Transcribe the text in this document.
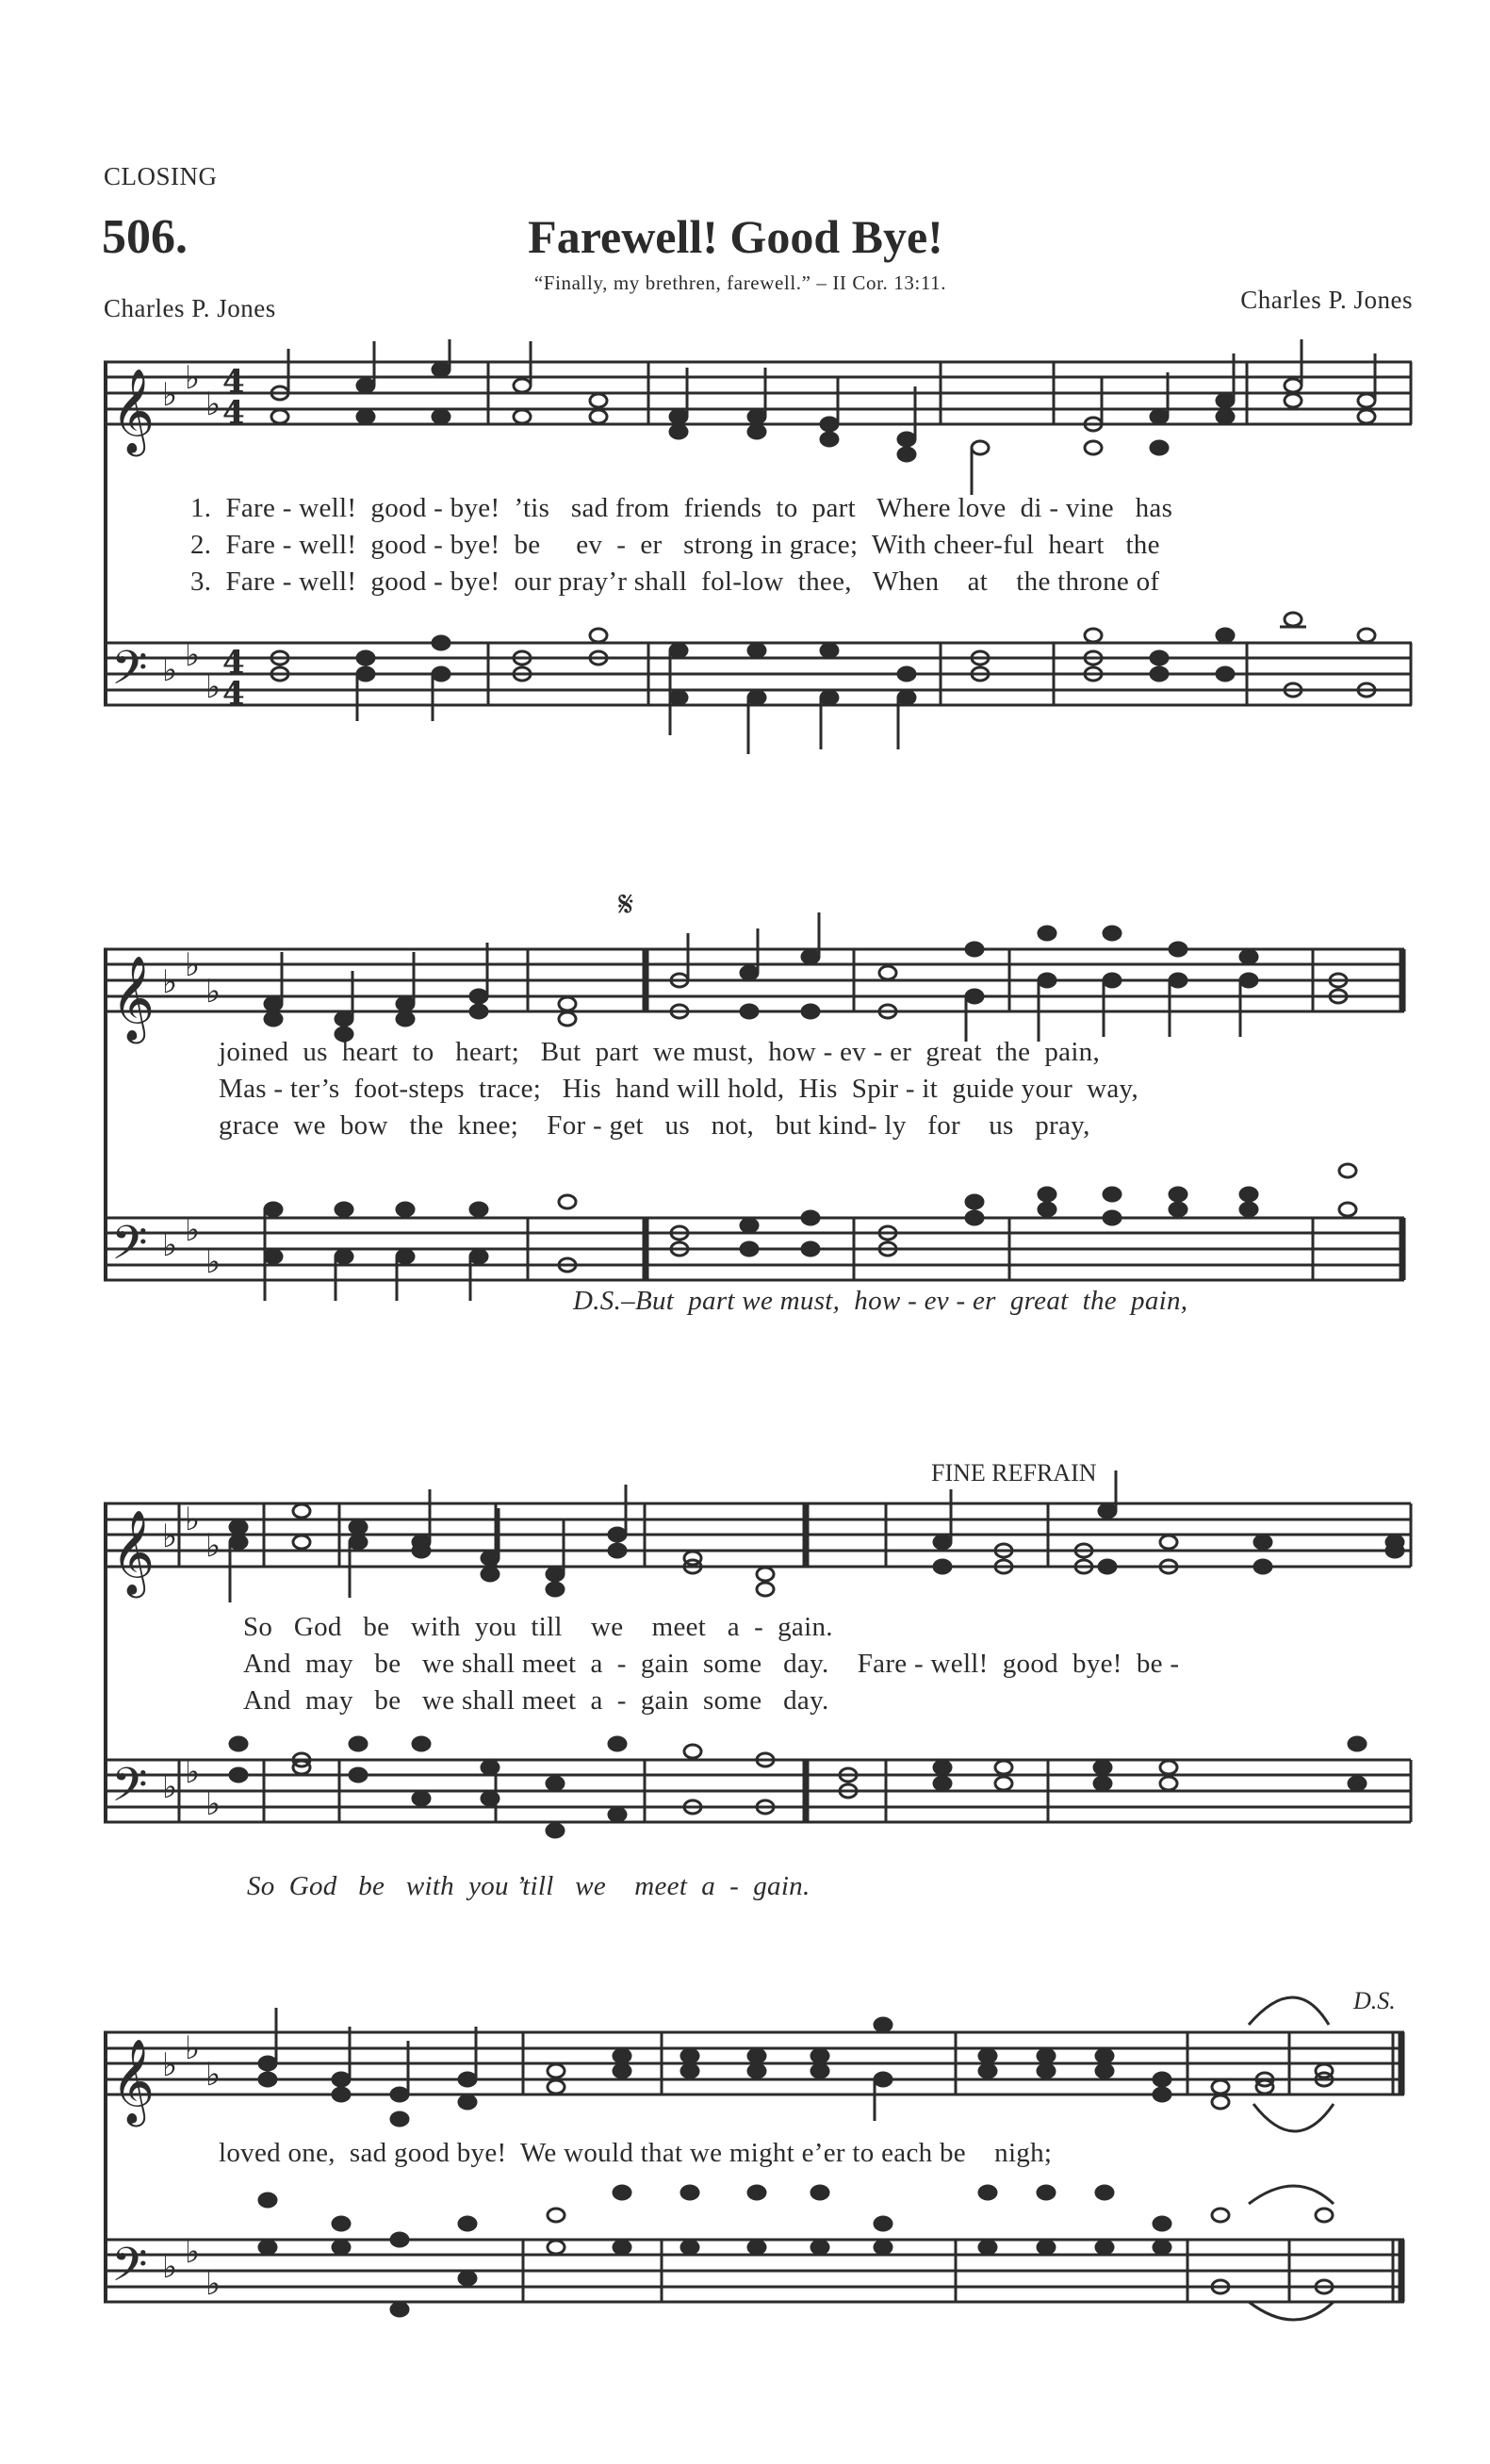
CLOSING
506.	Farewell! Good Bye!
“Finally, my brethren, farewell.” – II Cor. 13:11.
Charles P. Jones	Charles P. Jones
𝄞
𝄢
♭ ♭
♭
♭ ♭
♭
4
4
4
4
1.  Fare - well!  good - bye!  ’tis   sad from  friends  to  part   Where love  di - vine   has
2.  Fare - well!  good - bye!  be     ev  -  er   strong in grace;  With cheer-ful  heart   the
3.  Fare - well!  good - bye!  our pray’r shall  fol-low  thee,   When    at    the throne of
𝄋
𝄞
𝄢
♭ ♭
♭
♭ ♭
♭
joined  us  heart  to   heart;   But  part  we must,  how - ev - er  great  the  pain,
Mas - ter’s  foot-steps  trace;   His  hand will hold,  His  Spir - it  guide your  way,
grace  we  bow   the  knee;    For - get   us   not,   but kind- ly   for    us   pray,
D.S.–But  part we must,  how - ev - er  great  the  pain,
FINE REFRAIN
𝄞
𝄢
♭ ♭
♭
♭ ♭
♭
So   God   be   with  you  till    we    meet   a  -  gain.
And  may   be   we shall meet  a  -  gain  some   day.    Fare - well!  good  bye!  be -
And  may   be   we shall meet  a  -  gain  some   day.
So  God   be   with  you ’till   we    meet  a  -  gain.
D.S.
𝄞
𝄢
♭ ♭
♭
♭ ♭
♭
loved one,  sad good bye!  We would that we might e’er to each be    nigh;
